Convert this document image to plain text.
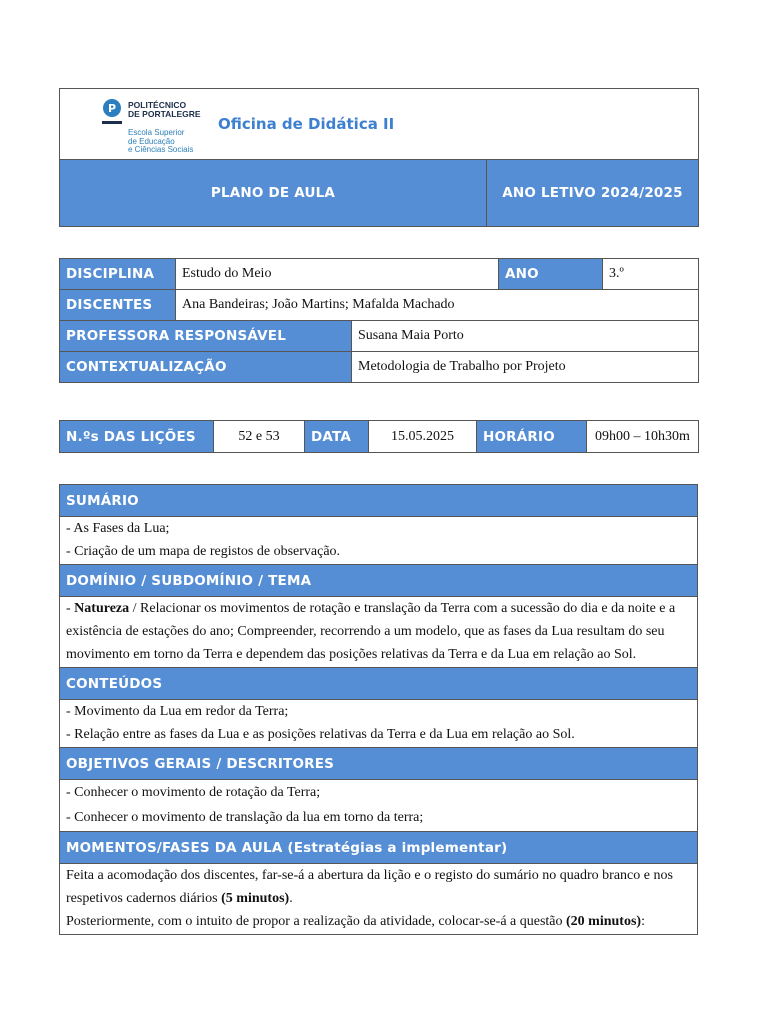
P POLITÉCNICO
DE PORTALEGRE
Escola Superior
de Educação
e Ciências Sociais
Oficina de Didática II

PLANO DE AULA	ANO LETIVO 2024/2025
DISCIPLINA	Estudo do Meio		ANO	3.º
DISCENTES	Ana Bandeiras; João Martins; Mafalda Machado			
PROFESSORA RESPONSÁVEL		Susana Maia Porto		
CONTEXTUALIZAÇÃO		Metodologia de Trabalho por Projeto		
N.ºs DAS LIÇÕES	52 e 53	DATA	15.05.2025	HORÁRIO	09h00 – 10h30m
SUMÁRIO

- As Fases da Lua;
- Criação de um mapa de registos de observação.

DOMÍNIO / SUBDOMÍNIO / TEMA

- Natureza / Relacionar os movimentos de rotação e translação da Terra com a sucessão do dia e da noite e a
existência de estações do ano; Compreender, recorrendo a um modelo, que as fases da Lua resultam do seu
movimento em torno da Terra e dependem das posições relativas da Terra e da Lua em relação ao Sol.

CONTEÚDOS

- Movimento da Lua em redor da Terra;
- Relação entre as fases da Lua e as posições relativas da Terra e da Lua em relação ao Sol.

OBJETIVOS GERAIS / DESCRITORES

- Conhecer o movimento de rotação da Terra;
- Conhecer o movimento de translação da lua em torno da terra;

MOMENTOS/FASES DA AULA (Estratégias a implementar)

Feita a acomodação dos discentes, far-se-á a abertura da lição e o registo do sumário no quadro branco e nos
respetivos cadernos diários (5 minutos).
Posteriormente, com o intuito de propor a realização da atividade, colocar-se-á a questão (20 minutos):
